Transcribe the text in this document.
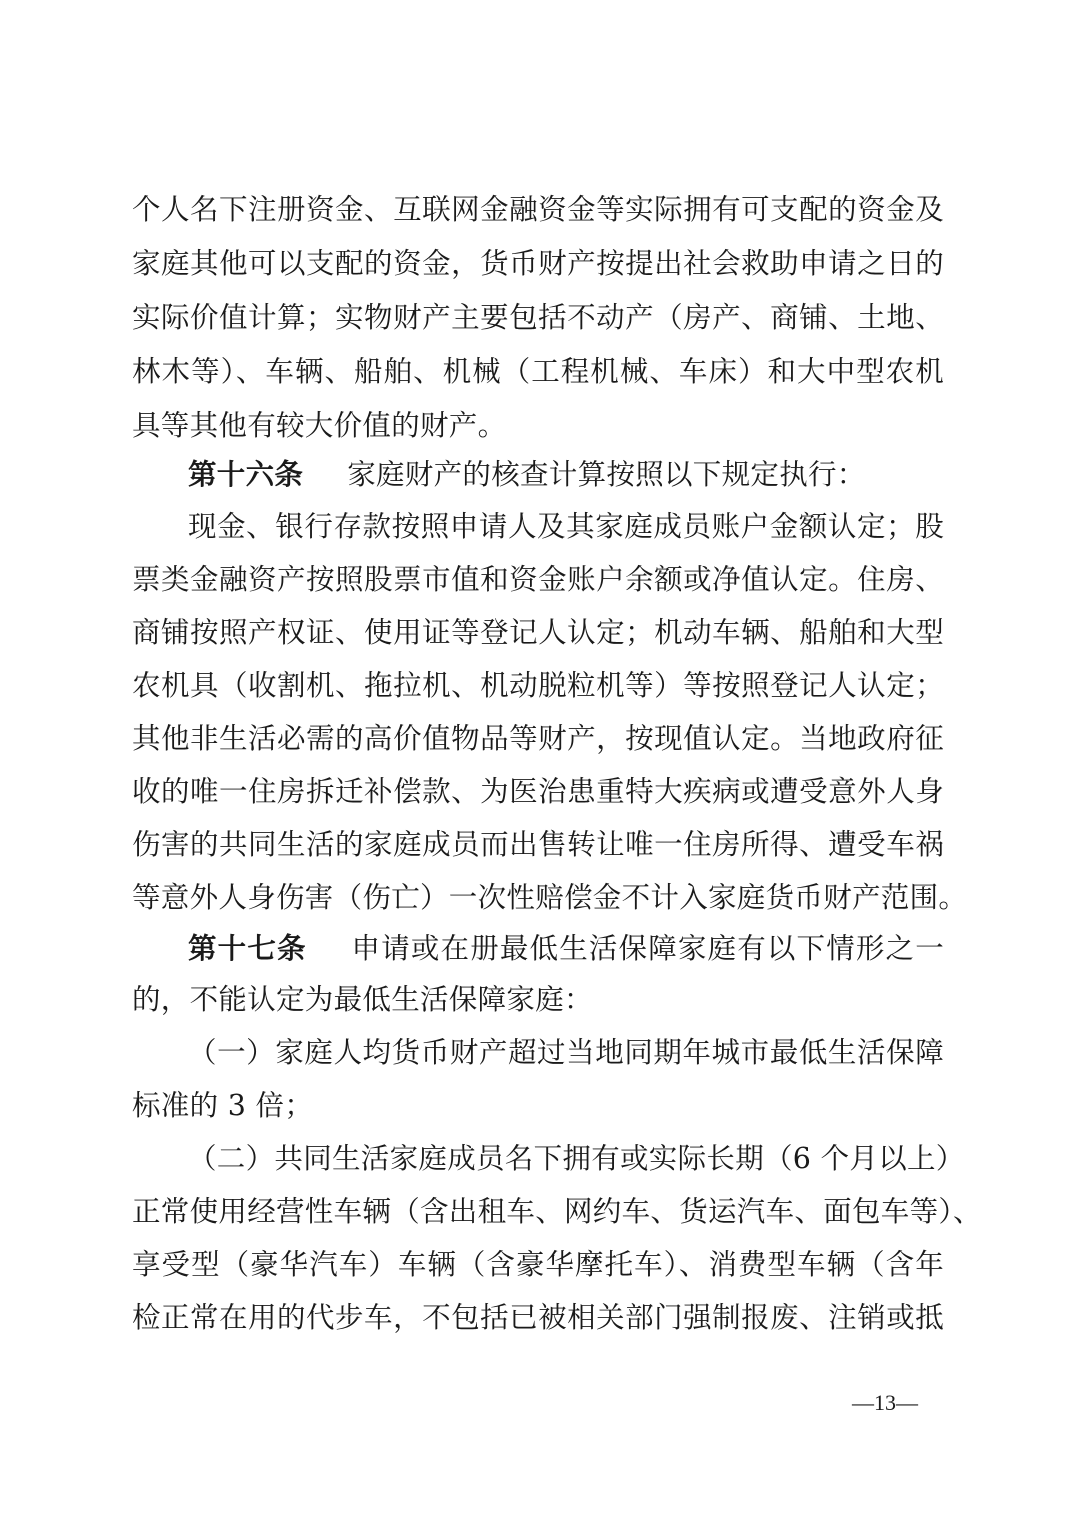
个人名下注册资金、互联网金融资金等实际拥有可支配的资金及
家庭其他可以支配的资金，货币财产按提出社会救助申请之日的
实际价值计算；实物财产主要包括不动产（房产、商铺、土地、
林木等）、车辆、船舶、机械（工程机械、车床）和大中型农机
具等其他有较大价值的财产。
第十六条 家庭财产的核查计算按照以下规定执行：
现金、银行存款按照申请人及其家庭成员账户金额认定；股
票类金融资产按照股票市值和资金账户余额或净值认定。住房、
商铺按照产权证、使用证等登记人认定；机动车辆、船舶和大型
农机具（收割机、拖拉机、机动脱粒机等）等按照登记人认定；
其他非生活必需的高价值物品等财产，按现值认定。当地政府征
收的唯一住房拆迁补偿款、为医治患重特大疾病或遭受意外人身
伤害的共同生活的家庭成员而出售转让唯一住房所得、遭受车祸
等意外人身伤害（伤亡）一次性赔偿金不计入家庭货币财产范围。
第十七条 申请或在册最低生活保障家庭有以下情形之一
的，不能认定为最低生活保障家庭：
（一）家庭人均货币财产超过当地同期年城市最低生活保障
标准的 3 倍；
（二）共同生活家庭成员名下拥有或实际长期（6 个月以上）
正常使用经营性车辆（含出租车、网约车、货运汽车、面包车等）、
享受型（豪华汽车）车辆（含豪华摩托车）、消费型车辆（含年
检正常在用的代步车，不包括已被相关部门强制报废、注销或抵
—13—
